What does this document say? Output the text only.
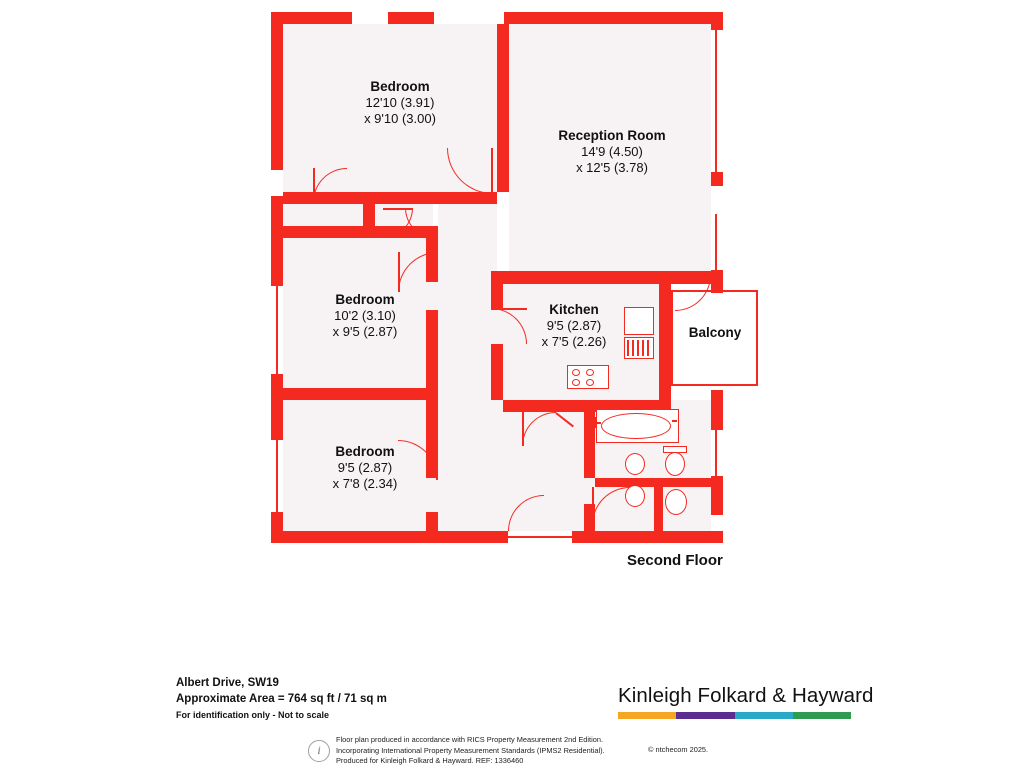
Bedroom
12'10 (3.91)
x 9'10 (3.00)
Reception Room
14'9 (4.50)
x 12'5 (3.78)
Bedroom
10'2 (3.10)
x 9'5 (2.87)
Kitchen
9'5 (2.87)
x 7'5 (2.26)
Balcony
Bedroom
9'5 (2.87)
x 7'8 (2.34)
Second Floor
Albert Drive, SW19
Approximate Area = 764 sq ft / 71 sq m
For identification only - Not to scale
i
Floor plan produced in accordance with RICS Property Measurement 2nd Edition.
Incorporating International Property Measurement Standards (IPMS2 Residential).
Produced for Kinleigh Folkard & Hayward. REF: 1336460
© ntchecom 2025.
Kinleigh Folkard & Hayward
